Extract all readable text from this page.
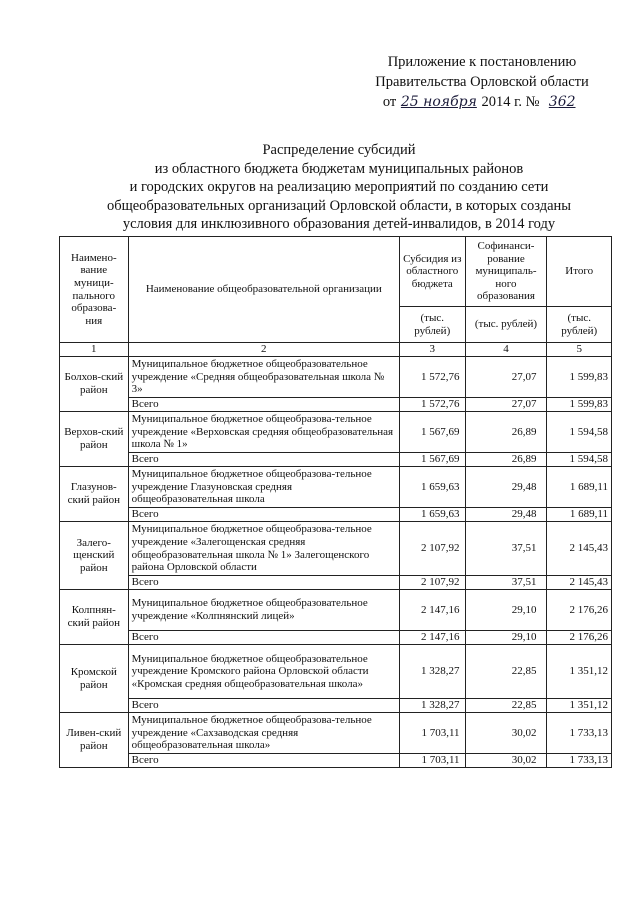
Приложение к постановлению
Правительства Орловской области
от 25 ноября 2014 г. № 362
Распределение субсидий
из областного бюджета бюджетам муниципальных районов
и городских округов на реализацию мероприятий по созданию сети
общеобразовательных организаций Орловской области, в которых созданы
условия для инклюзивного образования детей-инвалидов, в 2014 году
Наимено-вание муници-пального образова-ния	Наименование общеобразовательной организации	Субсидия из областного бюджета	Софинанси-рование муниципаль-ного образования	Итого
		(тыс. рублей)	(тыс. рублей)	(тыс. рублей)
1	2	3	4	5
Болхов-ский район	Муниципальное бюджетное общеобразовательное учреждение «Средняя общеобразовательная школа № 3»	1 572,76	27,07	1 599,83
	Всего	1 572,76	27,07	1 599,83
Верхов-ский район	Муниципальное бюджетное общеобразова-тельное учреждение «Верховская средняя общеобразовательная школа № 1»	1 567,69	26,89	1 594,58
	Всего	1 567,69	26,89	1 594,58
Глазунов-ский район	Муниципальное бюджетное общеобразова-тельное учреждение Глазуновская средняя общеобразовательная школа	1 659,63	29,48	1 689,11
	Всего	1 659,63	29,48	1 689,11
Залего-щенский район	Муниципальное бюджетное общеобразова-тельное учреждение «Залегощенская средняя общеобразовательная школа № 1» Залегощенского района Орловской области	2 107,92	37,51	2 145,43
	Всего	2 107,92	37,51	2 145,43
Колпнян-ский район	Муниципальное бюджетное общеобразовательное учреждение «Колпнянский лицей»	2 147,16	29,10	2 176,26
	Всего	2 147,16	29,10	2 176,26
Кромской район	Муниципальное бюджетное общеобразовательное учреждение Кромского района Орловской области «Кромская средняя общеобразовательная школа»	1 328,27	22,85	1 351,12
	Всего	1 328,27	22,85	1 351,12
Ливен-ский район	Муниципальное бюджетное общеобразова-тельное учреждение «Сахзаводская средняя общеобразовательная школа»	1 703,11	30,02	1 733,13
	Всего	1 703,11	30,02	1 733,13
